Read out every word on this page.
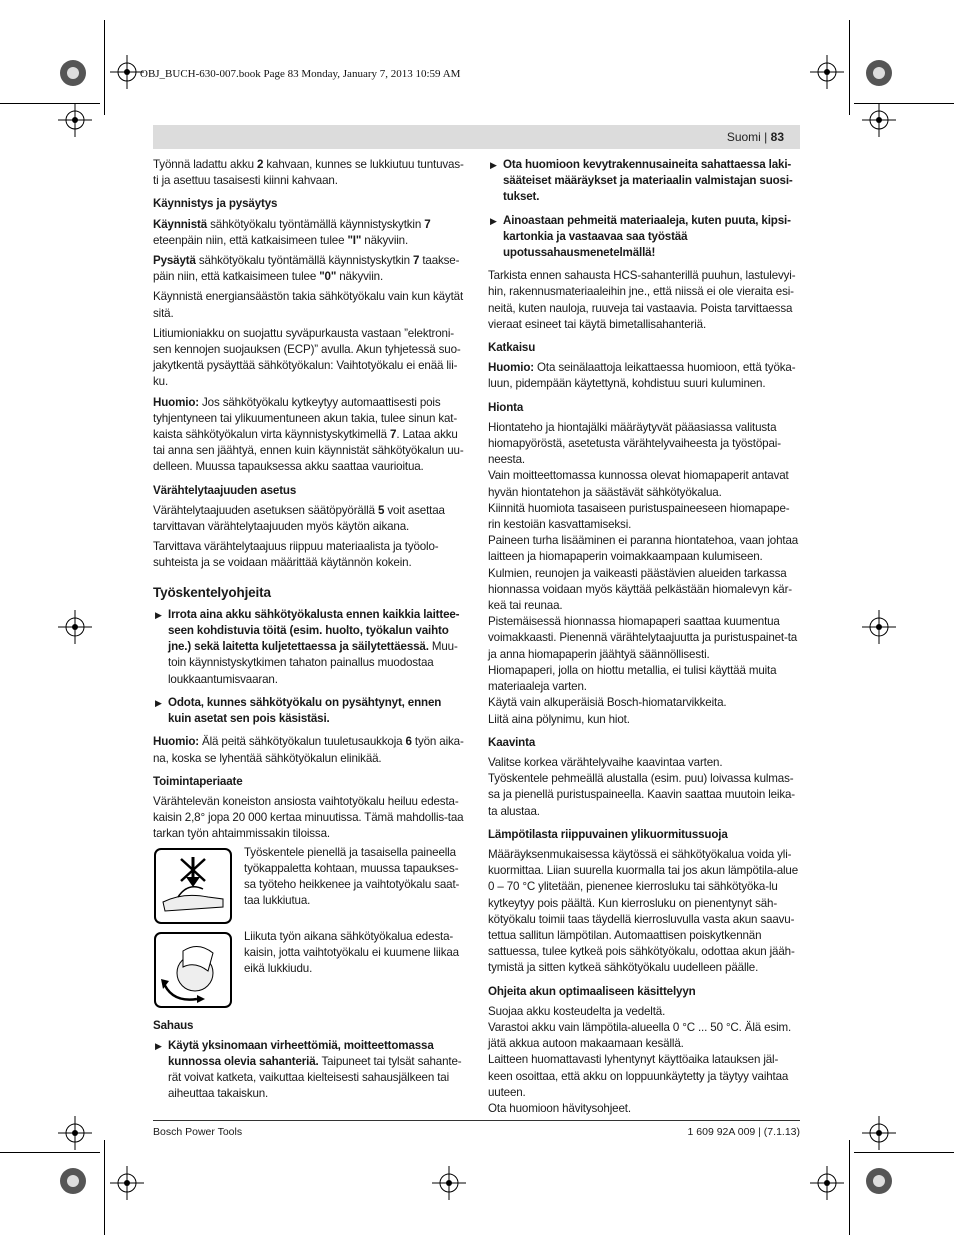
OBJ_BUCH-630-007.book Page 83 Monday, January 7, 2013 10:59 AM
Suomi | 83

Työnnä ladattu akku 2 kahvaan, kunnes se lukkiutuu tuntuvas-ti ja asettuu tasaisesti kiinni kahvaan.

Käynnistys ja pysäytys

Käynnistä sähkötyökalu työntämällä käynnistyskytkin 7 eteenpäin niin, että katkaisimeen tulee "I" näkyviin.

Pysäytä sähkötyökalu työntämällä käynnistyskytkin 7 taakse-päin niin, että katkaisimeen tulee "0" näkyviin.

Käynnistä energiansäästön takia sähkötyökalu vain kun käytät sitä.

Litiumioniakku on suojattu syväpurkausta vastaan ”elektroni-sen kennojen suojauksen (ECP)” avulla. Akun tyhjetessä suo-jakytkentä pysäyttää sähkötyökalun: Vaihtotyökalu ei enää lii-ku.

Huomio: Jos sähkötyökalu kytkeytyy automaattisesti pois tyhjentyneen tai ylikuumentuneen akun takia, tulee sinun kat-kaista sähkötyökalun virta käynnistyskytkimellä 7. Lataa akku tai anna sen jäähtyä, ennen kuin käynnistät sähkötyökalun uu-delleen. Muussa tapauksessa akku saattaa vaurioitua.

Värähtelytaajuuden asetus

Värähtelytaajuuden asetuksen säätöpyörällä 5 voit asettaa tarvittavan värähtelytaajuuden myös käytön aikana.

Tarvittava värähtelytaajuus riippuu materiaalista ja työolo-suhteista ja se voidaan määrittää käytännön kokein.

Työskentelyohjeita
▶ Irrota aina akku sähkötyökalusta ennen kaikkia laittee-seen kohdistuvia töitä (esim. huolto, työkalun vaihto jne.) sekä laitetta kuljetettaessa ja säilytettäessä. Muu-toin käynnistyskytkimen tahaton painallus muodostaa loukkaantumisvaaran.
▶ Odota, kunnes sähkötyökalu on pysähtynyt, ennen kuin asetat sen pois käsistäsi.

Huomio: Älä peitä sähkötyökalun tuuletusaukkoja 6 työn aika-na, koska se lyhentää sähkötyökalun elinikää.

Toimintaperiaate

Värähtelevän koneiston ansiosta vaihtotyökalu heiluu edesta-kaisin 2,8° jopa 20 000 kertaa minuutissa. Tämä mahdollis-taa tarkan työn ahtaimmissakin tiloissa.

Työskentele pienellä ja tasaisella paineella työkappaletta kohtaan, muussa tapaukses-sa työteho heikkenee ja vaihtotyökalu saat-taa lukkiutua.
Liikuta työn aikana sähkötyökalua edesta-kaisin, jotta vaihtotyökalu ei kuumene liikaa eikä lukkiudu.
Sahaus
▶ Käytä yksinomaan virheettömiä, moitteettomassa kunnossa olevia sahanteriä. Taipuneet tai tylsät sahante-rät voivat katketa, vaikuttaa kielteisesti sahausjälkeen tai aiheuttaa takaiskun.
▶ Ota huomioon kevytrakennusaineita sahattaessa laki-sääteiset määräykset ja materiaalin valmistajan suosi-tukset.
▶ Ainoastaan pehmeitä materiaaleja, kuten puuta, kipsi-kartonkia ja vastaavaa saa työstää upotussahausmenetelmällä!

Tarkista ennen sahausta HCS-sahanterillä puuhun, lastulevyi-hin, rakennusmateriaaleihin jne., että niissä ei ole vieraita esi-neitä, kuten nauloja, ruuveja tai vastaavia. Poista tarvittaessa vieraat esineet tai käytä bimetallisahanteriä.

Katkaisu

Huomio: Ota seinälaattoja leikattaessa huomioon, että työka-luun, pidempään käytettynä, kohdistuu suuri kuluminen.

Hionta

Hiontateho ja hiontajälki määräytyvät pääasiassa valitusta hiomapyöröstä, asetetusta värähtelyvaiheesta ja työstöpai-neesta.

Vain moitteettomassa kunnossa olevat hiomapaperit antavat hyvän hiontatehon ja säästävät sähkötyökalua.

Kiinnitä huomiota tasaiseen puristuspaineeseen hiomapape-rin kestoiän kasvattamiseksi.

Paineen turha lisääminen ei paranna hiontatehoa, vaan johtaa laitteen ja hiomapaperin voimakkaampaan kulumiseen.

Kulmien, reunojen ja vaikeasti päästävien alueiden tarkassa hionnassa voidaan myös käyttää pelkästään hiomalevyn kär-keä tai reunaa.

Pistemäisessä hionnassa hiomapaperi saattaa kuumentua voimakkaasti. Pienennä värähtelytaajuutta ja puristuspainet-ta ja anna hiomapaperin jäähtyä säännöllisesti.

Hiomapaperi, jolla on hiottu metallia, ei tulisi käyttää muita materiaaleja varten.

Käytä vain alkuperäisiä Bosch-hiomatarvikkeita.

Liitä aina pölynimu, kun hiot.

Kaavinta

Valitse korkea värähtelyvaihe kaavintaa varten.

Työskentele pehmeällä alustalla (esim. puu) loivassa kulmas-sa ja pienellä puristuspaineella. Kaavin saattaa muutoin leika-ta alustaa.

Lämpötilasta riippuvainen ylikuormitussuoja

Määräyksenmukaisessa käytössä ei sähkötyökalua voida yli-kuormittaa. Liian suurella kuormalla tai jos akun lämpötila-alue 0 – 70 °C ylitetään, pienenee kierrosluku tai sähkötyöka-lu kytkeytyy pois päältä. Kun kierrosluku on pienentynyt säh-kötyökalu toimii taas täydellä kierrosluvulla vasta akun saavu-tettua sallitun lämpötilan. Automaattisen poiskytkennän sattuessa, tulee kytkeä pois sähkötyökalu, odottaa akun jääh-tymistä ja sitten kytkeä sähkötyökalu uudelleen päälle.

Ohjeita akun optimaaliseen käsittelyyn

Suojaa akku kosteudelta ja vedeltä.

Varastoi akku vain lämpötila-alueella 0 °C ... 50 °C. Älä esim. jätä akkua autoon makaamaan kesällä.

Laitteen huomattavasti lyhentynyt käyttöaika latauksen jäl-keen osoittaa, että akku on loppuunkäytetty ja täytyy vaihtaa uuteen.

Ota huomioon hävitysohjeet.

Bosch Power Tools	1 609 92A 009 | (7.1.13)
